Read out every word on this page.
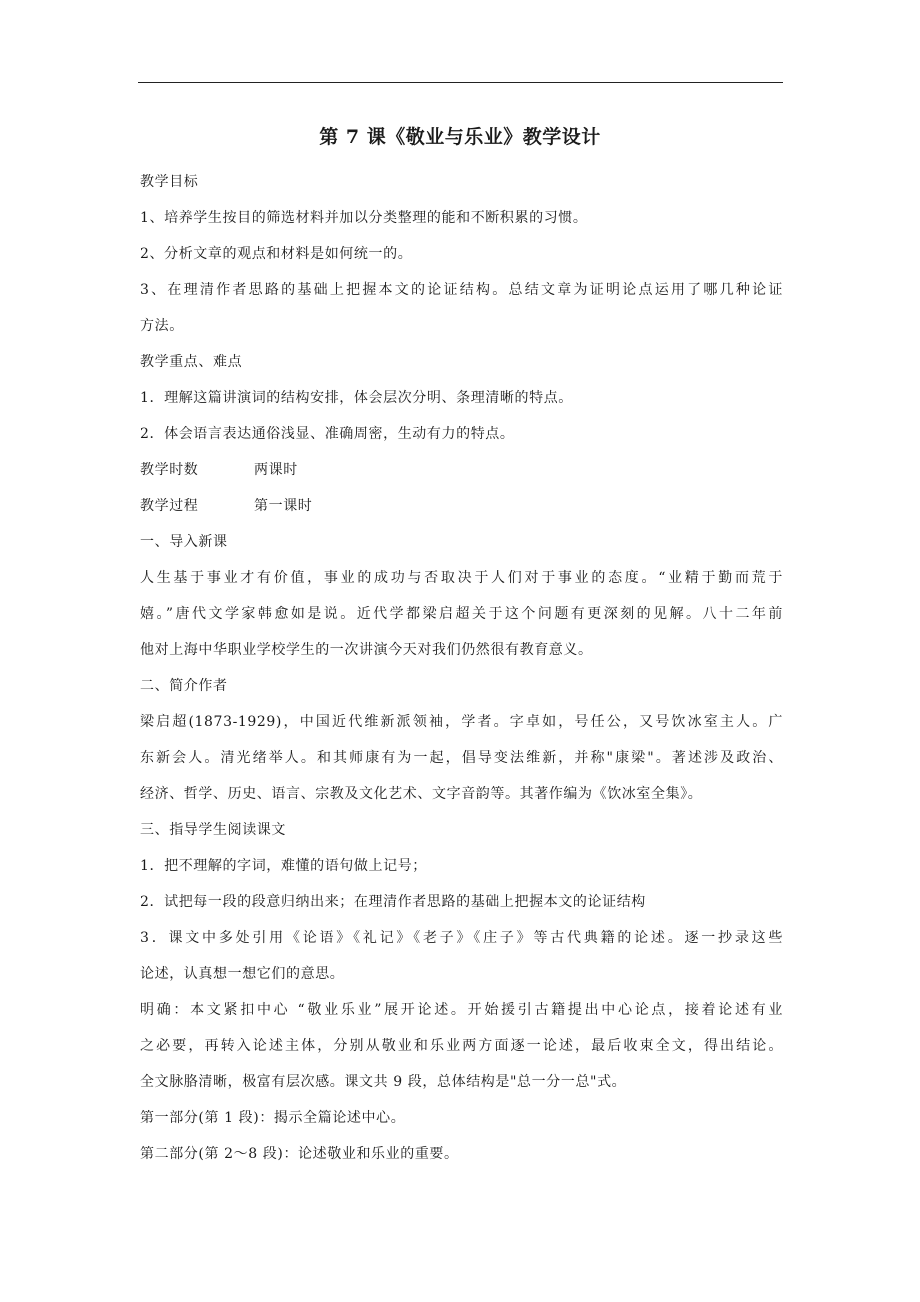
第 7 课《敬业与乐业》教学设计
教学目标
1、培养学生按目的筛选材料并加以分类整理的能和不断积累的习惯。
2、分析文章的观点和材料是如何统一的。
3、在理清作者思路的基础上把握本文的论证结构。总结文章为证明论点运用了哪几种论证
方法。
教学重点、难点
1．理解这篇讲演词的结构安排，体会层次分明、条理清晰的特点。
2．体会语言表达通俗浅显、准确周密，生动有力的特点。
教学时数	两课时
教学过程	第一课时
一、导入新课
人生基于事业才有价值，事业的成功与否取决于人们对于事业的态度。“业精于勤而荒于
嬉。”唐代文学家韩愈如是说。近代学都梁启超关于这个问题有更深刻的见解。八十二年前
他对上海中华职业学校学生的一次讲演今天对我们仍然很有教育意义。
二、简介作者
梁启超(1873-1929)，中国近代维新派领袖，学者。字卓如，号任公，又号饮冰室主人。广
东新会人。清光绪举人。和其师康有为一起，倡导变法维新，并称"康梁"。著述涉及政治、
经济、哲学、历史、语言、宗教及文化艺术、文字音韵等。其著作编为《饮冰室全集》。
三、指导学生阅读课文
1．把不理解的字词，难懂的语句做上记号；
2．试把每一段的段意归纳出来；在理清作者思路的基础上把握本文的论证结构
3．课文中多处引用《论语》《礼记》《老子》《庄子》等古代典籍的论述。逐一抄录这些
论述，认真想一想它们的意思。
明确：本文紧扣中心 “敬业乐业”展开论述。开始援引古籍提出中心论点，接着论述有业
之必要，再转入论述主体，分别从敬业和乐业两方面逐一论述，最后收束全文，得出结论。
全文脉胳清晰，极富有层次感。课文共 9 段，总体结构是"总一分一总"式。
第一部分(第 1 段)：揭示全篇论述中心。
第二部分(第 2～8 段)：论述敬业和乐业的重要。
